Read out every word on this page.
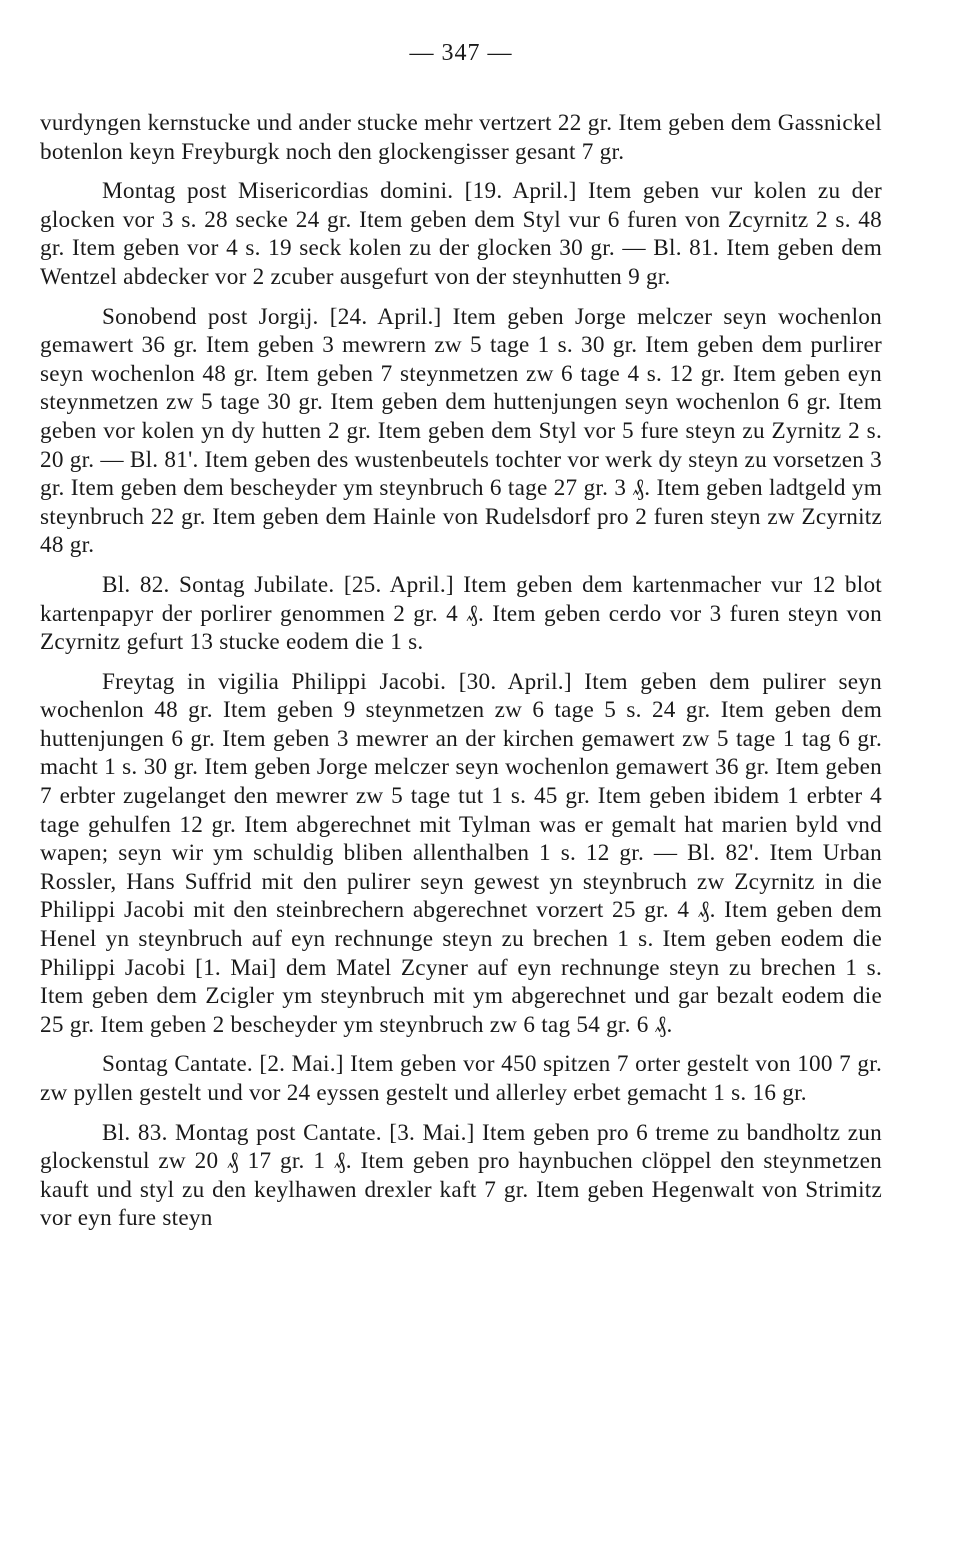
— 347 —

vurdyngen kernstucke und ander stucke mehr vertzert 22 gr. Item geben dem Gassnickel botenlon keyn Freyburgk noch den glockengisser gesant 7 gr.

Montag post Misericordias domini. [19. April.] Item geben vur kolen zu der glocken vor 3 s. 28 secke 24 gr. Item geben dem Styl vur 6 furen von Zcyrnitz 2 s. 48 gr. Item geben vor 4 s. 19 seck kolen zu der glocken 30 gr. — Bl. 81. Item geben dem Wentzel abdecker vor 2 zcuber ausgefurt von der steynhutten 9 gr.

Sonobend post Jorgij. [24. April.] Item geben Jorge melczer seyn wochenlon gemawert 36 gr. Item geben 3 mewrern zw 5 tage 1 s. 30 gr. Item geben dem purlirer seyn wochenlon 48 gr. Item geben 7 steynmetzen zw 6 tage 4 s. 12 gr. Item geben eyn steynmetzen zw 5 tage 30 gr. Item geben dem huttenjungen seyn wochenlon 6 gr. Item geben vor kolen yn dy hutten 2 gr. Item geben dem Styl vor 5 fure steyn zu Zyrnitz 2 s. 20 gr. — Bl. 81'. Item geben des wustenbeutels tochter vor werk dy steyn zu vorsetzen 3 gr. Item geben dem bescheyder ym steynbruch 6 tage 27 gr. 3 ₰. Item geben ladtgeld ym steynbruch 22 gr. Item geben dem Hainle von Rudelsdorf pro 2 furen steyn zw Zcyrnitz 48 gr.

Bl. 82. Sontag Jubilate. [25. April.] Item geben dem kartenmacher vur 12 blot kartenpapyr der porlirer genommen 2 gr. 4 ₰. Item geben cerdo vor 3 furen steyn von Zcyrnitz gefurt 13 stucke eodem die 1 s.

Freytag in vigilia Philippi Jacobi. [30. April.] Item geben dem pulirer seyn wochenlon 48 gr. Item geben 9 steynmetzen zw 6 tage 5 s. 24 gr. Item geben dem huttenjungen 6 gr. Item geben 3 mewrer an der kirchen gemawert zw 5 tage 1 tag 6 gr. macht 1 s. 30 gr. Item geben Jorge melczer seyn wochenlon gemawert 36 gr. Item geben 7 erbter zugelanget den mewrer zw 5 tage tut 1 s. 45 gr. Item geben ibidem 1 erbter 4 tage gehulfen 12 gr. Item abgerechnet mit Tylman was er gemalt hat marien byld vnd wapen; seyn wir ym schuldig bliben allenthalben 1 s. 12 gr. — Bl. 82'. Item Urban Rossler, Hans Suffrid mit den pulirer seyn gewest yn steynbruch zw Zcyrnitz in die Philippi Jacobi mit den steinbrechern abgerechnet vorzert 25 gr. 4 ₰. Item geben dem Henel yn steynbruch auf eyn rechnunge steyn zu brechen 1 s. Item geben eodem die Philippi Jacobi [1. Mai] dem Matel Zcyner auf eyn rechnunge steyn zu brechen 1 s. Item geben dem Zcigler ym steynbruch mit ym abgerechnet und gar bezalt eodem die 25 gr. Item geben 2 bescheyder ym steynbruch zw 6 tag 54 gr. 6 ₰.

Sontag Cantate. [2. Mai.] Item geben vor 450 spitzen 7 orter gestelt von 100 7 gr. zw pyllen gestelt und vor 24 eyssen gestelt und allerley erbet gemacht 1 s. 16 gr.

Bl. 83. Montag post Cantate. [3. Mai.] Item geben pro 6 treme zu bandholtz zun glockenstul zw 20 ₰ 17 gr. 1 ₰. Item geben pro haynbuchen clöppel den steynmetzen kauft und styl zu den keylhawen drexler kaft 7 gr. Item geben Hegenwalt von Strimitz vor eyn fure steyn
